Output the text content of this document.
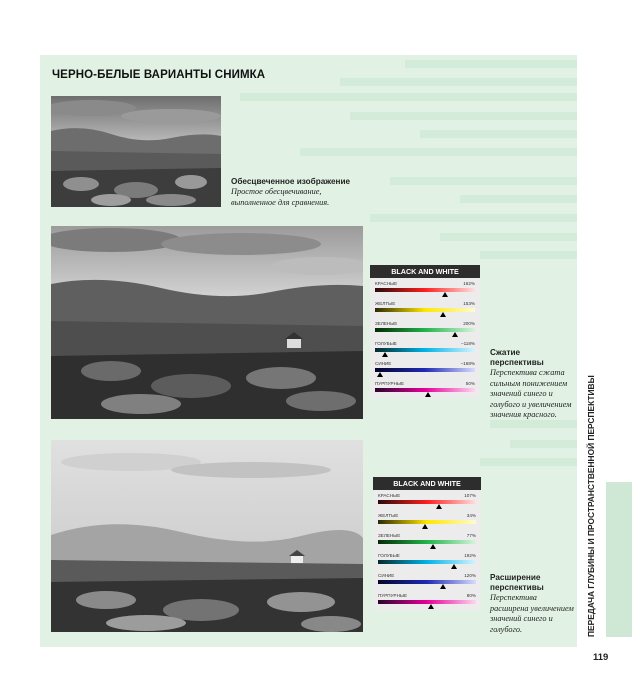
ЧЕРНО-БЕЛЫЕ ВАРИАНТЫ СНИМКА
Обесцвеченное изображение
Простое обесцвечивание, выполненное для сравнения.
BLACK AND WHITE
КРАСНЫЕ	162%
ЖЕЛТЫЕ	153%
ЗЕЛЕНЫЕ	200%
ГОЛУБЫЕ	–118%
СИНИЕ	–168%
ПУРПУРНЫЕ	50%
Сжатие перспективы
Перспектива сжата сильным понижением значений синего и голубого и увеличением значения красного.
BLACK AND WHITE
КРАСНЫЕ	107%
ЖЕЛТЫЕ	34%
ЗЕЛЕНЫЕ	77%
ГОЛУБЫЕ	192%
СИНИЕ	120%
ПУРПУРНЫЕ	80%
Расширение перспективы
Перспектива расширена увеличением значений синего и голубого.	ПЕРЕДАЧА ГЛУБИНЫ И ПРОСТРАНСТВЕННОЙ ПЕРСПЕКТИВЫ
119
